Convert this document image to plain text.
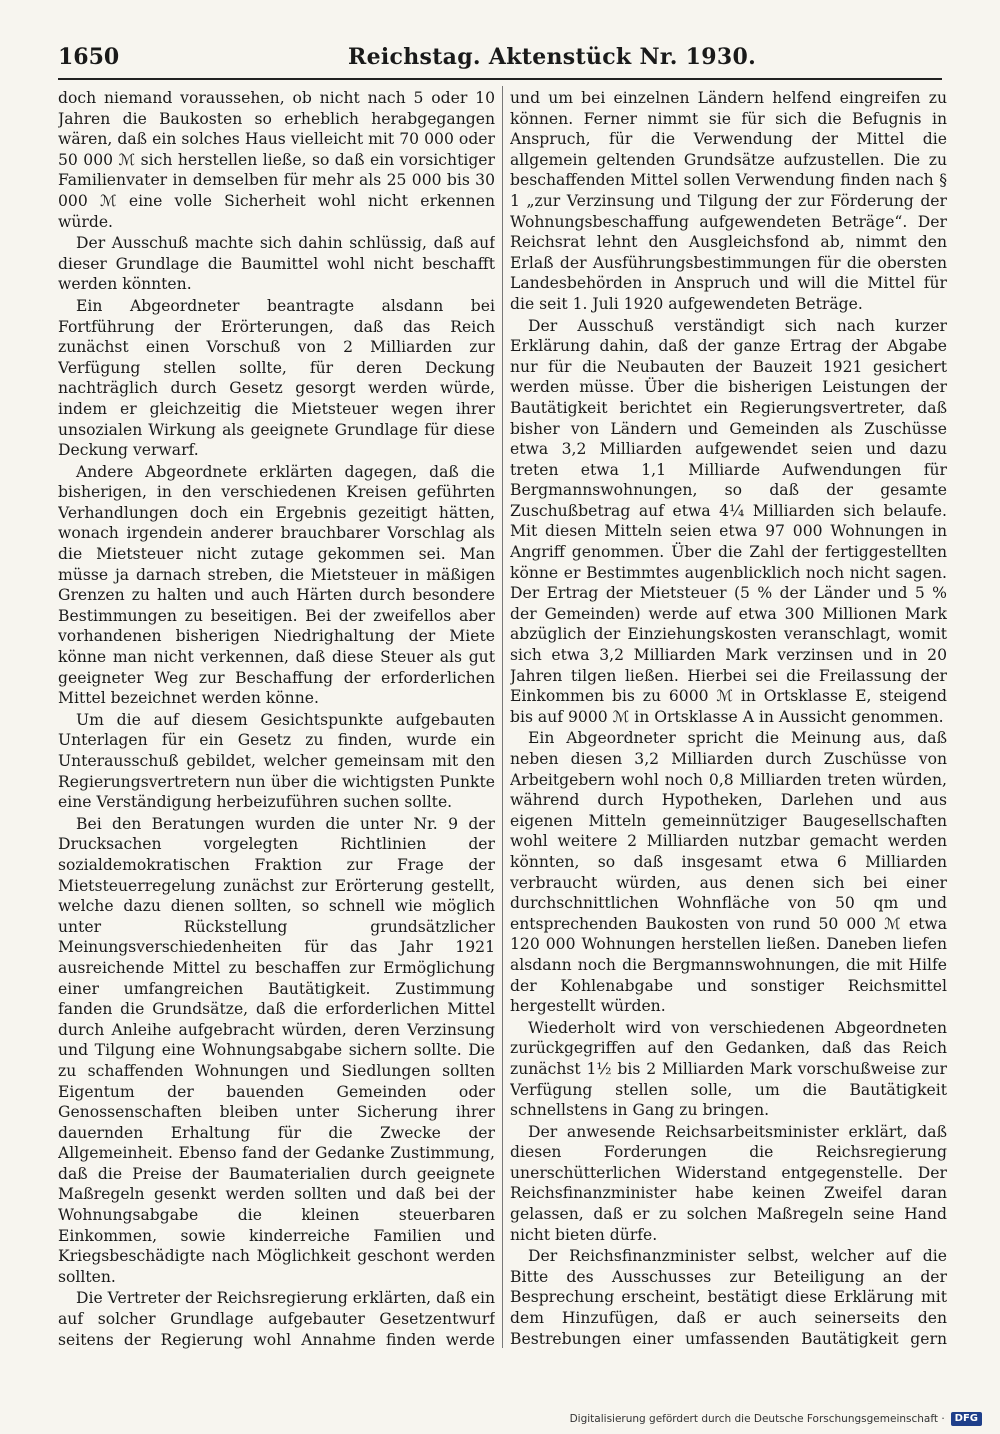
1650	Reichstag. Aktenstück Nr. 1930.

doch niemand voraussehen, ob nicht nach 5 oder 10 Jahren die Baukosten so erheblich herabgegangen wären, daß ein solches Haus vielleicht mit 70 000 oder 50 000 ℳ sich herstellen ließe, so daß ein vorsichtiger Familienvater in demselben für mehr als 25 000 bis 30 000 ℳ eine volle Sicherheit wohl nicht erkennen würde.

Der Ausschuß machte sich dahin schlüssig, daß auf dieser Grundlage die Baumittel wohl nicht beschafft werden könnten.

Ein Abgeordneter beantragte alsdann bei Fortführung der Erörterungen, daß das Reich zunächst einen Vorschuß von 2 Milliarden zur Verfügung stellen sollte, für deren Deckung nachträglich durch Gesetz gesorgt werden würde, indem er gleichzeitig die Mietsteuer wegen ihrer unsozialen Wirkung als geeignete Grundlage für diese Deckung verwarf.

Andere Abgeordnete erklärten dagegen, daß die bisherigen, in den verschiedenen Kreisen geführten Verhandlungen doch ein Ergebnis gezeitigt hätten, wonach irgendein anderer brauchbarer Vorschlag als die Mietsteuer nicht zutage gekommen sei. Man müsse ja darnach streben, die Mietsteuer in mäßigen Grenzen zu halten und auch Härten durch besondere Bestimmungen zu beseitigen. Bei der zweifellos aber vorhandenen bisherigen Niedrighaltung der Miete könne man nicht verkennen, daß diese Steuer als gut geeigneter Weg zur Beschaffung der erforderlichen Mittel bezeichnet werden könne.

Um die auf diesem Gesichtspunkte aufgebauten Unterlagen für ein Gesetz zu finden, wurde ein Unterausschuß gebildet, welcher gemeinsam mit den Regierungsvertretern nun über die wichtigsten Punkte eine Verständigung herbeizuführen suchen sollte.

Bei den Beratungen wurden die unter Nr. 9 der Drucksachen vorgelegten Richtlinien der sozialdemokratischen Fraktion zur Frage der Mietsteuerregelung zunächst zur Erörterung gestellt, welche dazu dienen sollten, so schnell wie möglich unter Rückstellung grundsätzlicher Meinungsverschiedenheiten für das Jahr 1921 ausreichende Mittel zu beschaffen zur Ermöglichung einer umfangreichen Bautätigkeit. Zustimmung fanden die Grundsätze, daß die erforderlichen Mittel durch Anleihe aufgebracht würden, deren Verzinsung und Tilgung eine Wohnungsabgabe sichern sollte. Die zu schaffenden Wohnungen und Siedlungen sollten Eigentum der bauenden Gemeinden oder Genossenschaften bleiben unter Sicherung ihrer dauernden Erhaltung für die Zwecke der Allgemeinheit. Ebenso fand der Gedanke Zustimmung, daß die Preise der Baumaterialien durch geeignete Maßregeln gesenkt werden sollten und daß bei der Wohnungsabgabe die kleinen steuerbaren Einkommen, sowie kinderreiche Familien und Kriegsbeschädigte nach Möglichkeit geschont werden sollten.

Die Vertreter der Reichsregierung erklärten, daß ein auf solcher Grundlage aufgebauter Gesetzentwurf seitens der Regierung wohl Annahme finden werde

und um bei einzelnen Ländern helfend eingreifen zu können. Ferner nimmt sie für sich die Befugnis in Anspruch, für die Verwendung der Mittel die allgemein geltenden Grundsätze aufzustellen. Die zu beschaffenden Mittel sollen Verwendung finden nach § 1 „zur Verzinsung und Tilgung der zur Förderung der Wohnungsbeschaffung aufgewendeten Beträge“. Der Reichsrat lehnt den Ausgleichsfond ab, nimmt den Erlaß der Ausführungsbestimmungen für die obersten Landesbehörden in Anspruch und will die Mittel für die seit 1. Juli 1920 aufgewendeten Beträge.

Der Ausschuß verständigt sich nach kurzer Erklärung dahin, daß der ganze Ertrag der Abgabe nur für die Neubauten der Bauzeit 1921 gesichert werden müsse. Über die bisherigen Leistungen der Bautätigkeit berichtet ein Regierungsvertreter, daß bisher von Ländern und Gemeinden als Zuschüsse etwa 3,2 Milliarden aufgewendet seien und dazu treten etwa 1,1 Milliarde Aufwendungen für Bergmannswohnungen, so daß der gesamte Zuschußbetrag auf etwa 4¼ Milliarden sich belaufe. Mit diesen Mitteln seien etwa 97 000 Wohnungen in Angriff genommen. Über die Zahl der fertiggestellten könne er Bestimmtes augenblicklich noch nicht sagen. Der Ertrag der Mietsteuer (5 % der Länder und 5 % der Gemeinden) werde auf etwa 300 Millionen Mark abzüglich der Einziehungskosten veranschlagt, womit sich etwa 3,2 Milliarden Mark verzinsen und in 20 Jahren tilgen ließen. Hierbei sei die Freilassung der Einkommen bis zu 6000 ℳ in Ortsklasse E, steigend bis auf 9000 ℳ in Ortsklasse A in Aussicht genommen.

Ein Abgeordneter spricht die Meinung aus, daß neben diesen 3,2 Milliarden durch Zuschüsse von Arbeitgebern wohl noch 0,8 Milliarden treten würden, während durch Hypotheken, Darlehen und aus eigenen Mitteln gemeinnütziger Baugesellschaften wohl weitere 2 Milliarden nutzbar gemacht werden könnten, so daß insgesamt etwa 6 Milliarden verbraucht würden, aus denen sich bei einer durchschnittlichen Wohnfläche von 50 qm und entsprechenden Baukosten von rund 50 000 ℳ etwa 120 000 Wohnungen herstellen ließen. Daneben liefen alsdann noch die Bergmannswohnungen, die mit Hilfe der Kohlenabgabe und sonstiger Reichsmittel hergestellt würden.

Wiederholt wird von verschiedenen Abgeordneten zurückgegriffen auf den Gedanken, daß das Reich zunächst 1½ bis 2 Milliarden Mark vorschußweise zur Verfügung stellen solle, um die Bautätigkeit schnellstens in Gang zu bringen.

Der anwesende Reichsarbeitsminister erklärt, daß diesen Forderungen die Reichsregierung unerschütterlichen Widerstand entgegenstelle. Der Reichsfinanzminister habe keinen Zweifel daran gelassen, daß er zu solchen Maßregeln seine Hand nicht bieten dürfe.

Der Reichsfinanzminister selbst, welcher auf die Bitte des Ausschusses zur Beteiligung an der Besprechung erscheint, bestätigt diese Erklärung mit dem Hinzufügen, daß er auch seinerseits den Bestrebungen einer umfassenden Bautätigkeit gern

Digitalisierung gefördert durch die Deutsche Forschungsgemeinschaft ·	DFG
